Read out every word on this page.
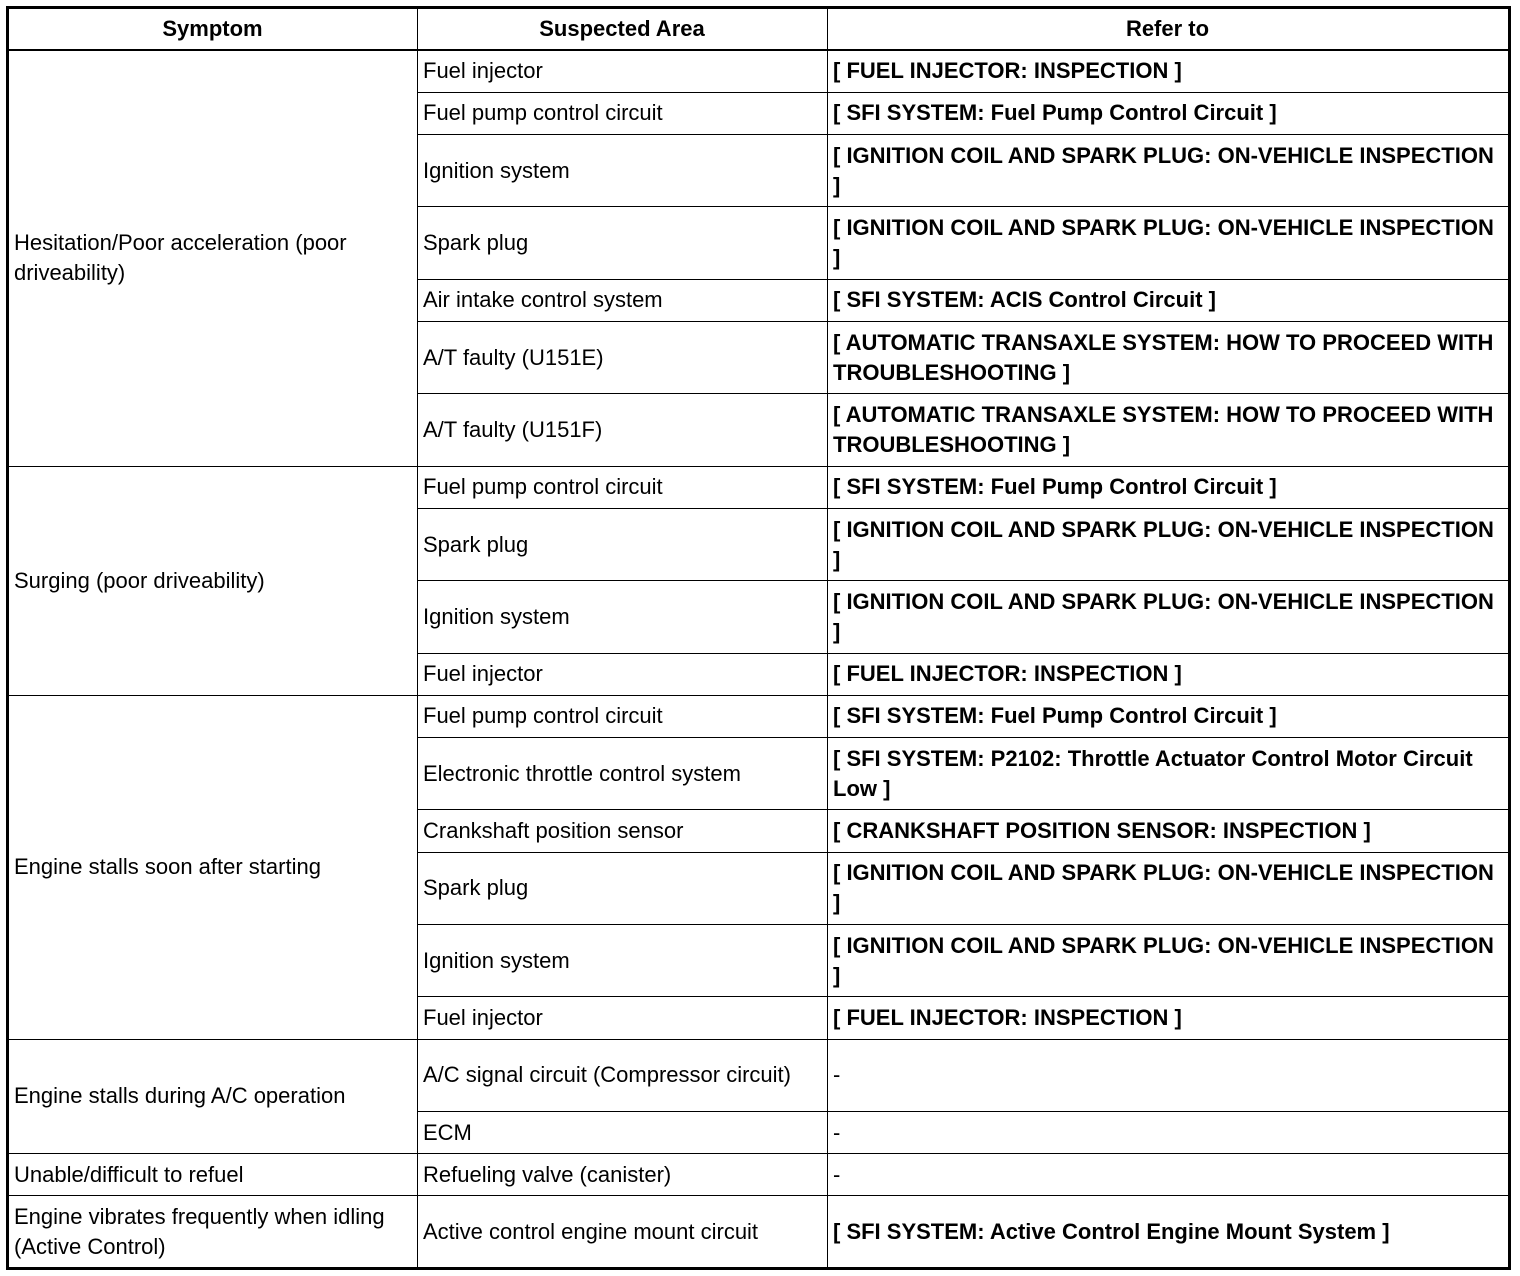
Symptom	Suspected Area	Refer to
Hesitation/Poor acceleration (poor driveability)	Fuel injector	[ FUEL INJECTOR: INSPECTION ]
	Fuel pump control circuit	[ SFI SYSTEM: Fuel Pump Control Circuit ]
	Ignition system	[ IGNITION COIL AND SPARK PLUG: ON-VEHICLE INSPECTION ]
	Spark plug	[ IGNITION COIL AND SPARK PLUG: ON-VEHICLE INSPECTION ]
	Air intake control system	[ SFI SYSTEM: ACIS Control Circuit ]
	A/T faulty (U151E)	[ AUTOMATIC TRANSAXLE SYSTEM: HOW TO PROCEED WITH TROUBLESHOOTING ]
	A/T faulty (U151F)	[ AUTOMATIC TRANSAXLE SYSTEM: HOW TO PROCEED WITH TROUBLESHOOTING ]
Surging (poor driveability)	Fuel pump control circuit	[ SFI SYSTEM: Fuel Pump Control Circuit ]
	Spark plug	[ IGNITION COIL AND SPARK PLUG: ON-VEHICLE INSPECTION ]
	Ignition system	[ IGNITION COIL AND SPARK PLUG: ON-VEHICLE INSPECTION ]
	Fuel injector	[ FUEL INJECTOR: INSPECTION ]
Engine stalls soon after starting	Fuel pump control circuit	[ SFI SYSTEM: Fuel Pump Control Circuit ]
	Electronic throttle control system	[ SFI SYSTEM: P2102: Throttle Actuator Control Motor Circuit Low ]
	Crankshaft position sensor	[ CRANKSHAFT POSITION SENSOR: INSPECTION ]
	Spark plug	[ IGNITION COIL AND SPARK PLUG: ON-VEHICLE INSPECTION ]
	Ignition system	[ IGNITION COIL AND SPARK PLUG: ON-VEHICLE INSPECTION ]
	Fuel injector	[ FUEL INJECTOR: INSPECTION ]
Engine stalls during A/C operation	A/C signal circuit (Compressor circuit)	-
	ECM	-
Unable/difficult to refuel	Refueling valve (canister)	-
Engine vibrates frequently when idling (Active Control)	Active control engine mount circuit	[ SFI SYSTEM: Active Control Engine Mount System ]
